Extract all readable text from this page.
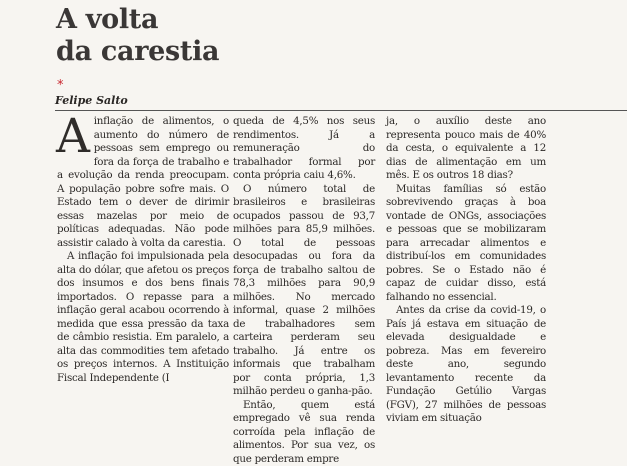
A volta
da carestia
*
Felipe Salto

A inflação de alimentos, o aumento do número de pessoas sem emprego ou fora da força de trabalho e a evolução da renda preocupam. A população pobre sofre mais. O Estado tem o dever de dirimir essas mazelas por meio de políticas adequadas. Não pode assistir calado à volta da carestia.

A inflação foi impulsionada pela alta do dólar, que afetou os preços dos insumos e dos bens finais importados. O repasse para a inflação geral acabou ocorrendo à medida que essa pressão da taxa de câmbio resistia. Em paralelo, a alta das commodities tem afetado os preços internos. A Instituição Fiscal Independente (I

queda de 4,5% nos seus rendimentos. Já a remuneração do trabalhador formal por conta própria caiu 4,6%.

O número total de brasileiros e brasileiras ocupados passou de 93,7 milhões para 85,9 milhões. O total de pessoas desocupadas ou fora da força de trabalho saltou de 78,3 milhões para 90,9 milhões. No mercado informal, quase 2 milhões de trabalhadores sem carteira perderam seu trabalho. Já entre os informais que trabalham por conta própria, 1,3 milhão perdeu o ganha-pão.

Então, quem está empregado vê sua renda corroída pela inflação de alimentos. Por sua vez, os que perderam empre

ja, o auxílio deste ano representa pouco mais de 40% da cesta, o equivalente a 12 dias de alimentação em um mês. E os outros 18 dias?

Muitas famílias só estão sobrevivendo graças à boa vontade de ONGs, associações e pessoas que se mobilizaram para arrecadar alimentos e distribuí-los em comunidades pobres. Se o Estado não é capaz de cuidar disso, está falhando no essencial.

Antes da crise da covid-19, o País já estava em situação de elevada desigualdade e pobreza. Mas em fevereiro deste ano, segundo levantamento recente da Fundação Getúlio Vargas (FGV), 27 milhões de pessoas viviam em situação
